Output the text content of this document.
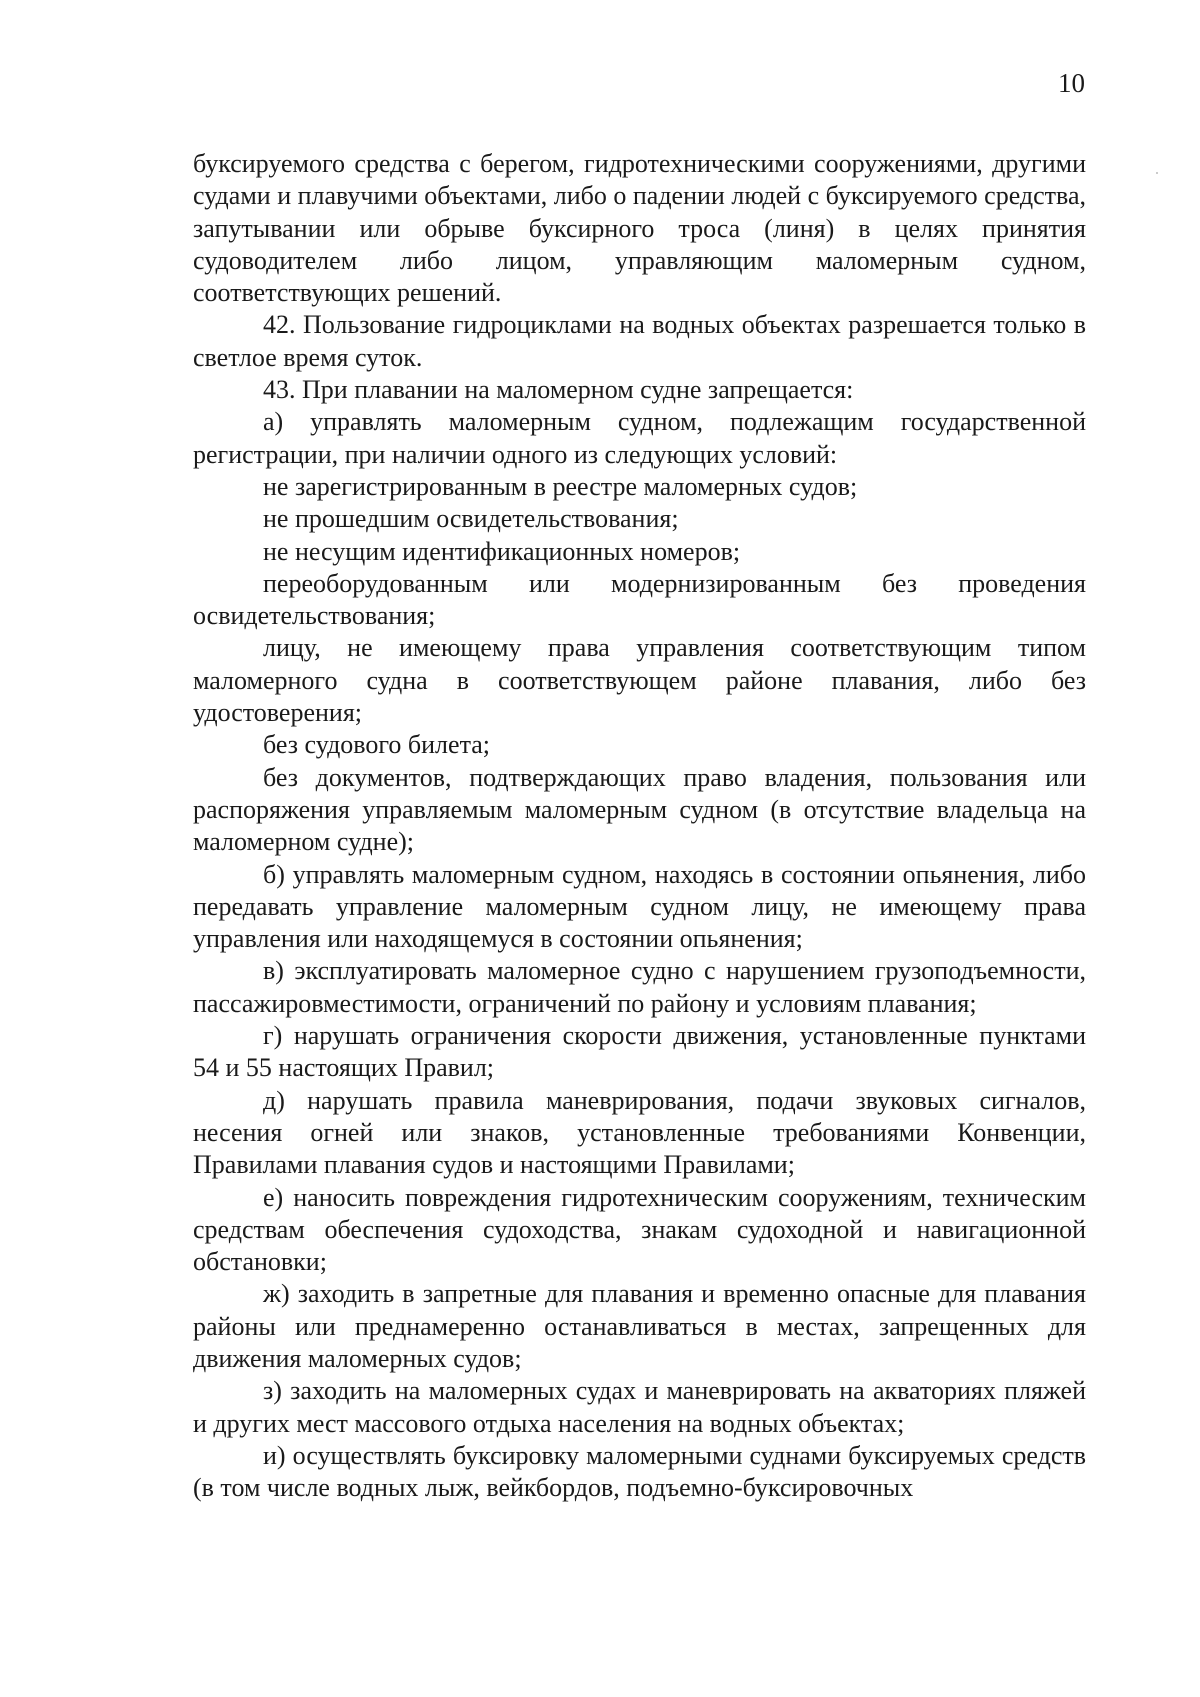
10

буксируемого средства с берегом, гидротехническими сооружениями, другими судами и плавучими объектами, либо о падении людей с буксируемого средства, запутывании или обрыве буксирного троса (линя) в целях принятия судоводителем либо лицом, управляющим маломерным судном, соответствующих решений.

42. Пользование гидроциклами на водных объектах разрешается только в светлое время суток.

43. При плавании на маломерном судне запрещается:

а) управлять маломерным судном, подлежащим государственной регистрации, при наличии одного из следующих условий:

не зарегистрированным в реестре маломерных судов;

не прошедшим освидетельствования;

не несущим идентификационных номеров;

переоборудованным или модернизированным без проведения освидетельствования;

лицу, не имеющему права управления соответствующим типом маломерного судна в соответствующем районе плавания, либо без удостоверения;

без судового билета;

без документов, подтверждающих право владения, пользования или распоряжения управляемым маломерным судном (в отсутствие владельца на маломерном судне);

б) управлять маломерным судном, находясь в состоянии опьянения, либо передавать управление маломерным судном лицу, не имеющему права управления или находящемуся в состоянии опьянения;

в) эксплуатировать маломерное судно с нарушением грузоподъемности, пассажировместимости, ограничений по району и условиям плавания;

г) нарушать ограничения скорости движения, установленные пунктами 54 и 55 настоящих Правил;

д) нарушать правила маневрирования, подачи звуковых сигналов, несения огней или знаков, установленные требованиями Конвенции, Правилами плавания судов и настоящими Правилами;

е) наносить повреждения гидротехническим сооружениям, техническим средствам обеспечения судоходства, знакам судоходной и навигационной обстановки;

ж) заходить в запретные для плавания и временно опасные для плавания районы или преднамеренно останавливаться в местах, запрещенных для движения маломерных судов;

з) заходить на маломерных судах и маневрировать на акваториях пляжей и других мест массового отдыха населения на водных объектах;

и) осуществлять буксировку маломерными суднами буксируемых средств (в том числе водных лыж, вейкбордов, подъемно-буксировочных
